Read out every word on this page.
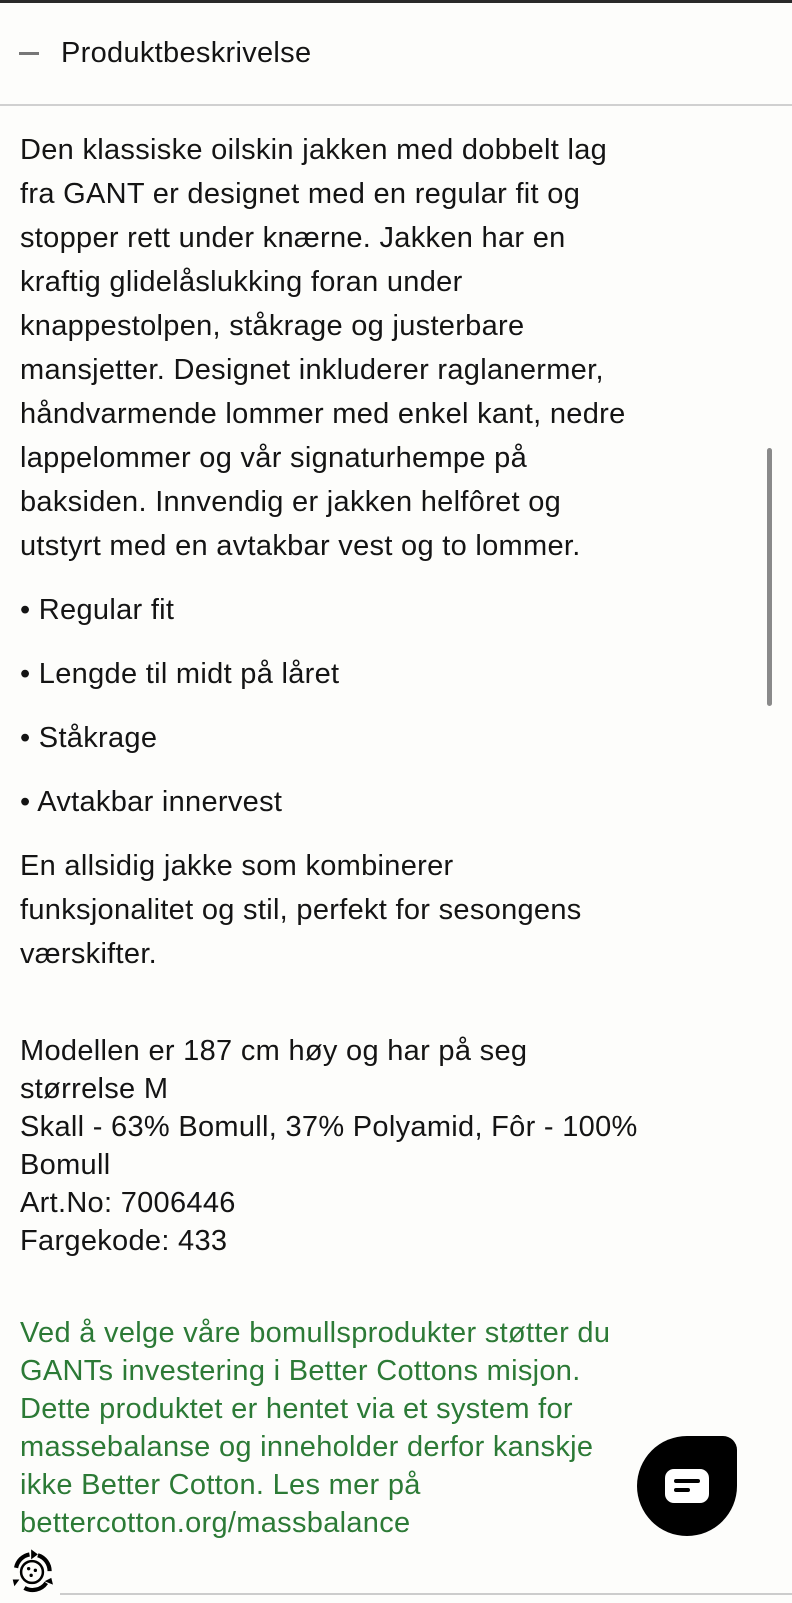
Produktbeskrivelse
Den klassiske oilskin jakken med dobbelt lag
fra GANT er designet med en regular fit og
stopper rett under knærne. Jakken har en
kraftig glidelåslukking foran under
knappestolpen, ståkrage og justerbare
mansjetter. Designet inkluderer raglanermer,
håndvarmende lommer med enkel kant, nedre
lappelommer og vår signaturhempe på
baksiden. Innvendig er jakken helfôret og
utstyrt med en avtakbar vest og to lommer.
• Regular fit
• Lengde til midt på låret
• Ståkrage
• Avtakbar innervest
En allsidig jakke som kombinerer
funksjonalitet og stil, perfekt for sesongens
værskifter.
Modellen er 187 cm høy og har på seg
størrelse M
Skall - 63% Bomull, 37% Polyamid, Fôr - 100%
Bomull
Art.No: 7006446
Fargekode: 433
Ved å velge våre bomullsprodukter støtter du
GANTs investering i Better Cottons misjon.
Dette produktet er hentet via et system for
massebalanse og inneholder derfor kanskje
ikke Better Cotton. Les mer på
bettercotton.org/massbalance
